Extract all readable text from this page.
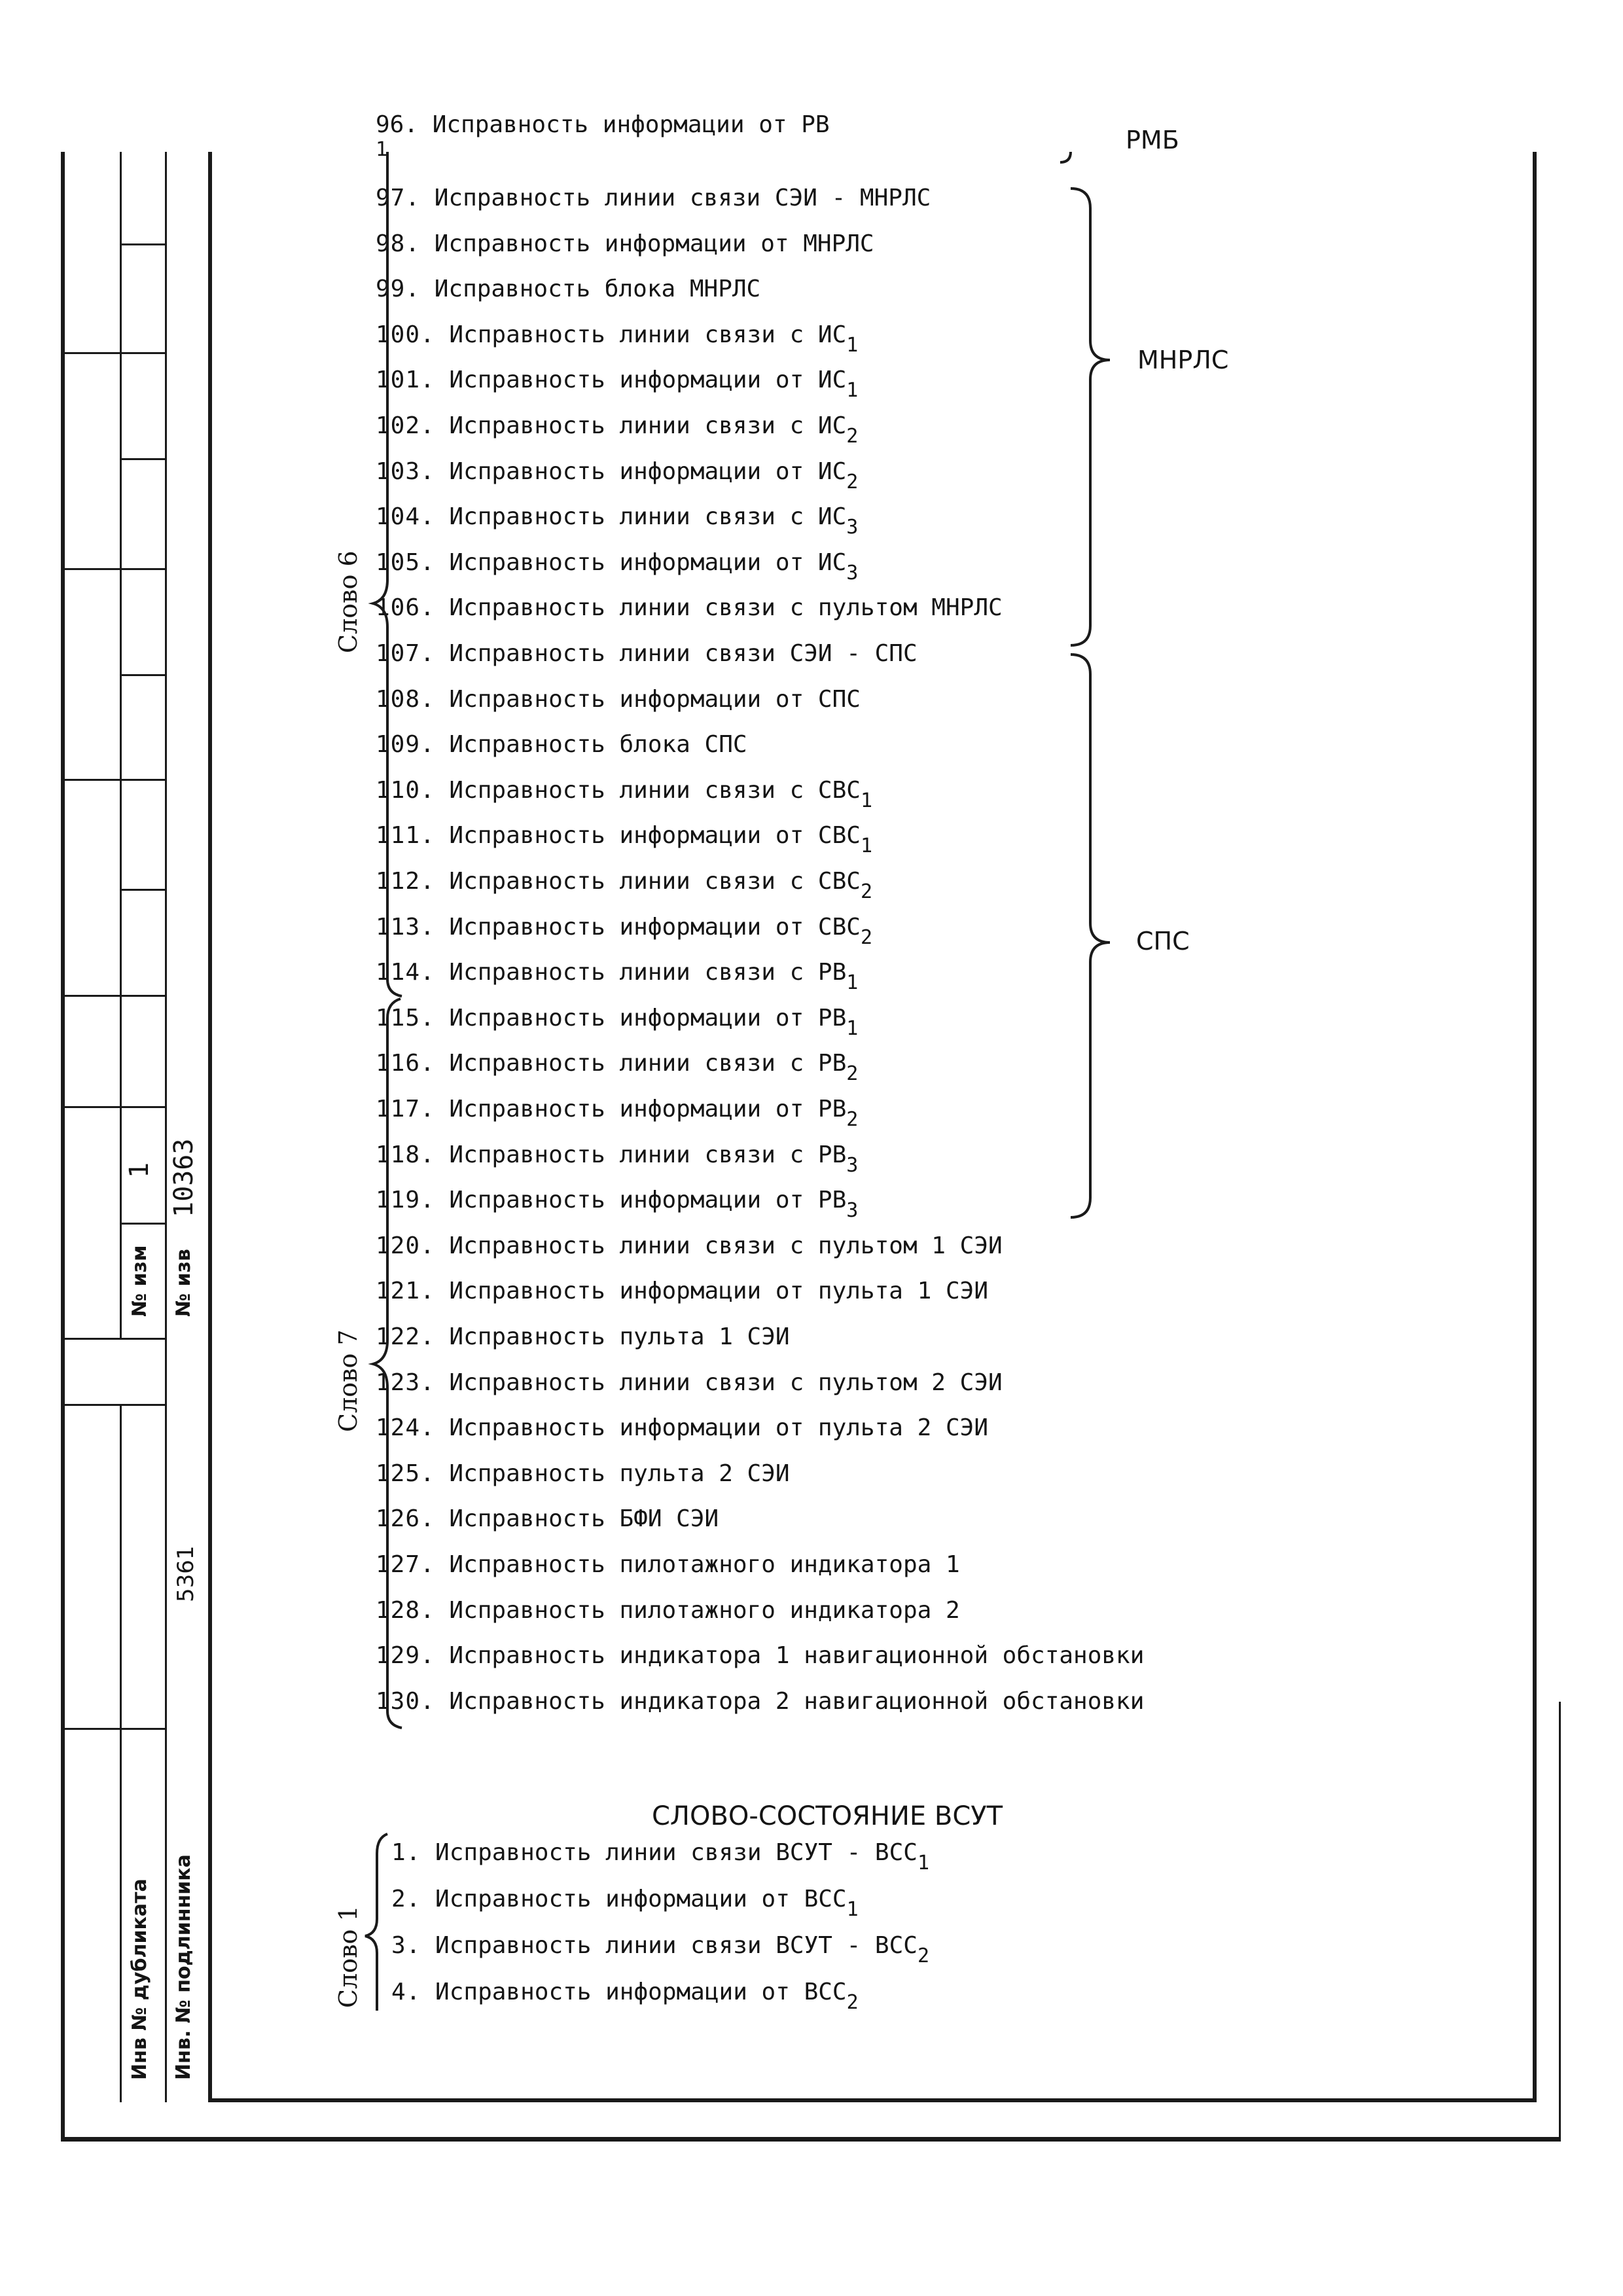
№ изм
1
№ изв
10363
Инв № дубликата Инв. № подлинника
5361
96. Исправность информации от РВ
$_1$	РМБ
97. Исправность линии связи СЭИ - МНРЛС
98. Исправность информации от МНРЛС
99. Исправность блока МНРЛС
100. Исправность линии связи с $ИС_1$
101. Исправность информации от $ИС_1$
102. Исправность линии связи с $ИС_2$
103. Исправность информации от $ИС_2$
104. Исправность линии связи с $ИС_3$
105. Исправность информации от $ИС_3$
106. Исправность линии связи с пультом МНРЛС
107. Исправность линии связи СЭИ - СПС
108. Исправность информации от СПС
109. Исправность блока СПС
110. Исправность линии связи с $СВС_1$
111. Исправность информации от $СВС_1$
112. Исправность линии связи с $СВС_2$
113. Исправность информации от $СВС_2$
114. Исправность линии связи с $РВ_1$
115. Исправность информации от $РВ_1$
116. Исправность линии связи с $РВ_2$
117. Исправность информации от $РВ_2$
118. Исправность линии связи с $РВ_3$
119. Исправность информации от $РВ_3$
120. Исправность линии связи с пультом 1 СЭИ
121. Исправность информации от пульта 1 СЭИ
122. Исправность пульта 1 СЭИ
123. Исправность линии связи с пультом 2 СЭИ
124. Исправность информации от пульта 2 СЭИ
125. Исправность пульта 2 СЭИ
126. Исправность БФИ СЭИ
127. Исправность пилотажного индикатора 1
128. Исправность пилотажного индикатора 2
129. Исправность индикатора 1 навигационной обстановки
130. Исправность индикатора 2 навигационной обстановки
МНРЛС
СПС
Слово 6
Слово 7
Слово 1
СЛОВО-СОСТОЯНИЕ ВСУТ
1. Исправность линии связи ВСУТ - $ВСС_1$
2. Исправность информации от $ВСС_1$
3. Исправность линии связи ВСУТ - $ВСС_2$
4. Исправность информации от $ВСС_2$
